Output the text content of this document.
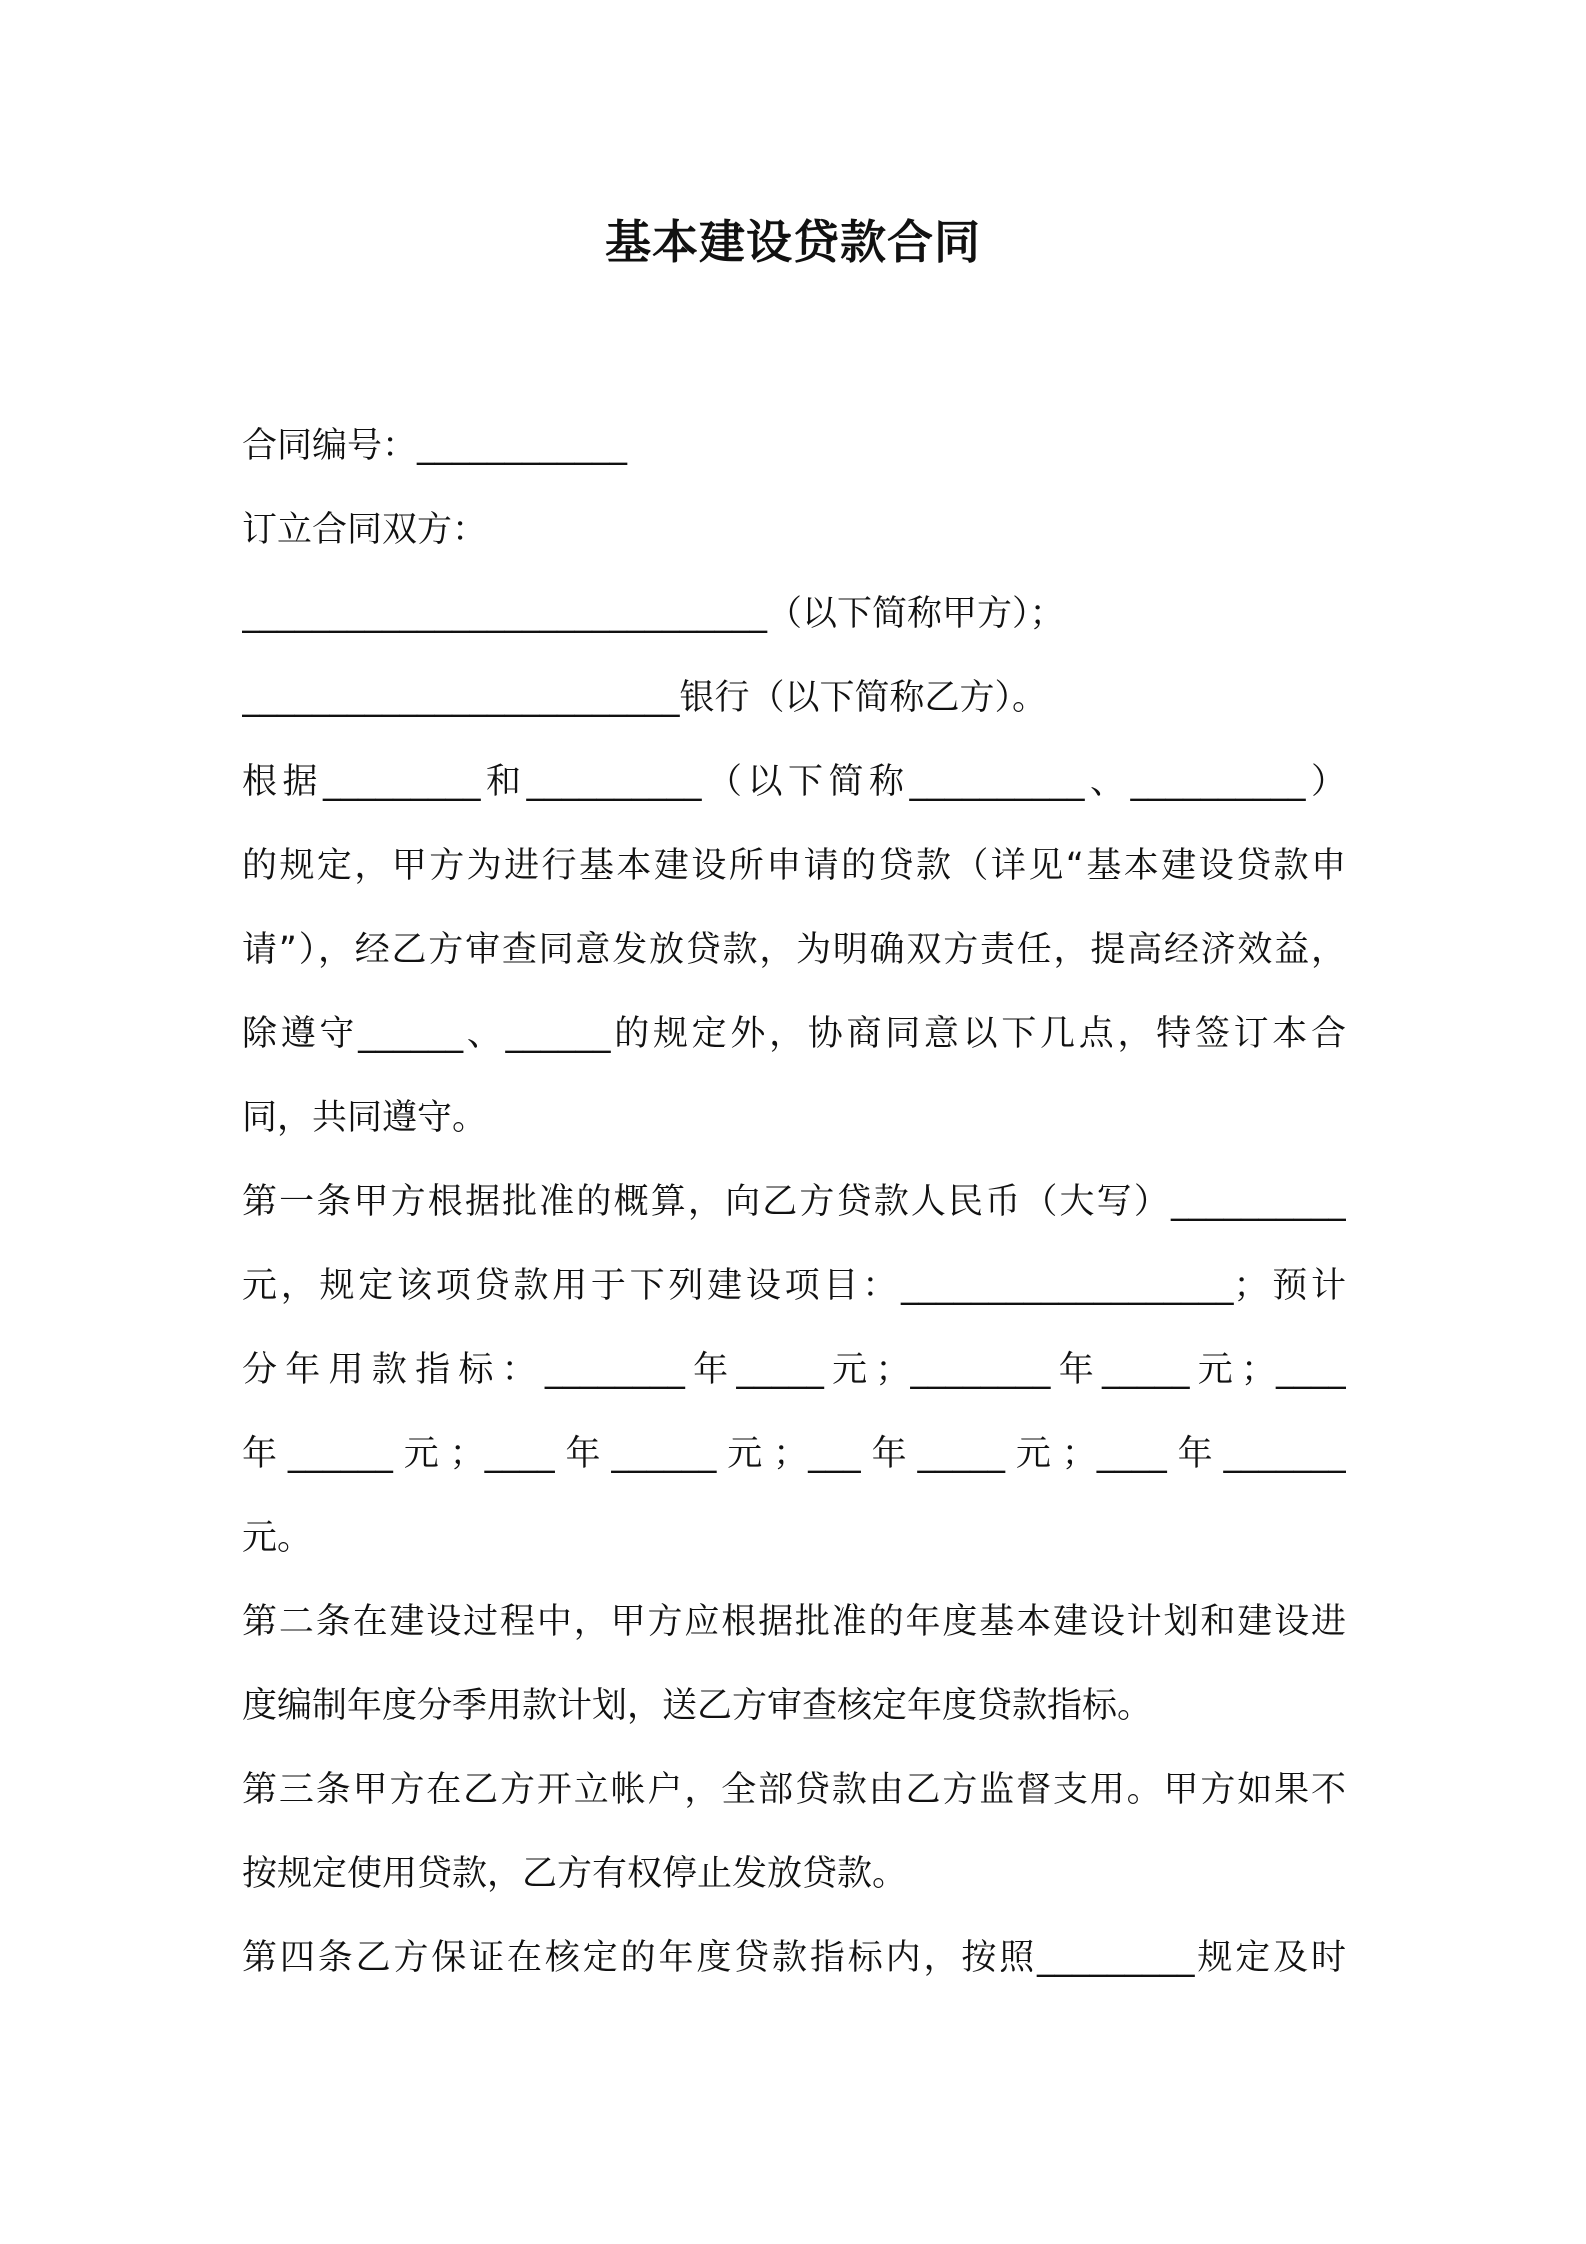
基本建设贷款合同
合同编号：____________
订立合同双方：
______________________________（以下简称甲方）；
_________________________银行（以下简称乙方）。
根据_________和__________（以下简称__________、__________）
的规定，甲方为进行基本建设所申请的贷款（详见“基本建设贷款申
请”），经乙方审查同意发放贷款，为明确双方责任，提高经济效益，
除遵守______、______的规定外，协商同意以下几点，特签订本合
同，共同遵守。
第一条甲方根据批准的概算，向乙方贷款人民币（大写）__________
元，规定该项贷款用于下列建设项目：___________________；预计
分年用款指标：________年_____元；________年_____元；____
年______元；____年______元；___年_____元；____年_______
元。
第二条在建设过程中，甲方应根据批准的年度基本建设计划和建设进
度编制年度分季用款计划，送乙方审查核定年度贷款指标。
第三条甲方在乙方开立帐户，全部贷款由乙方监督支用。甲方如果不
按规定使用贷款，乙方有权停止发放贷款。
第四条乙方保证在核定的年度贷款指标内，按照_________规定及时
